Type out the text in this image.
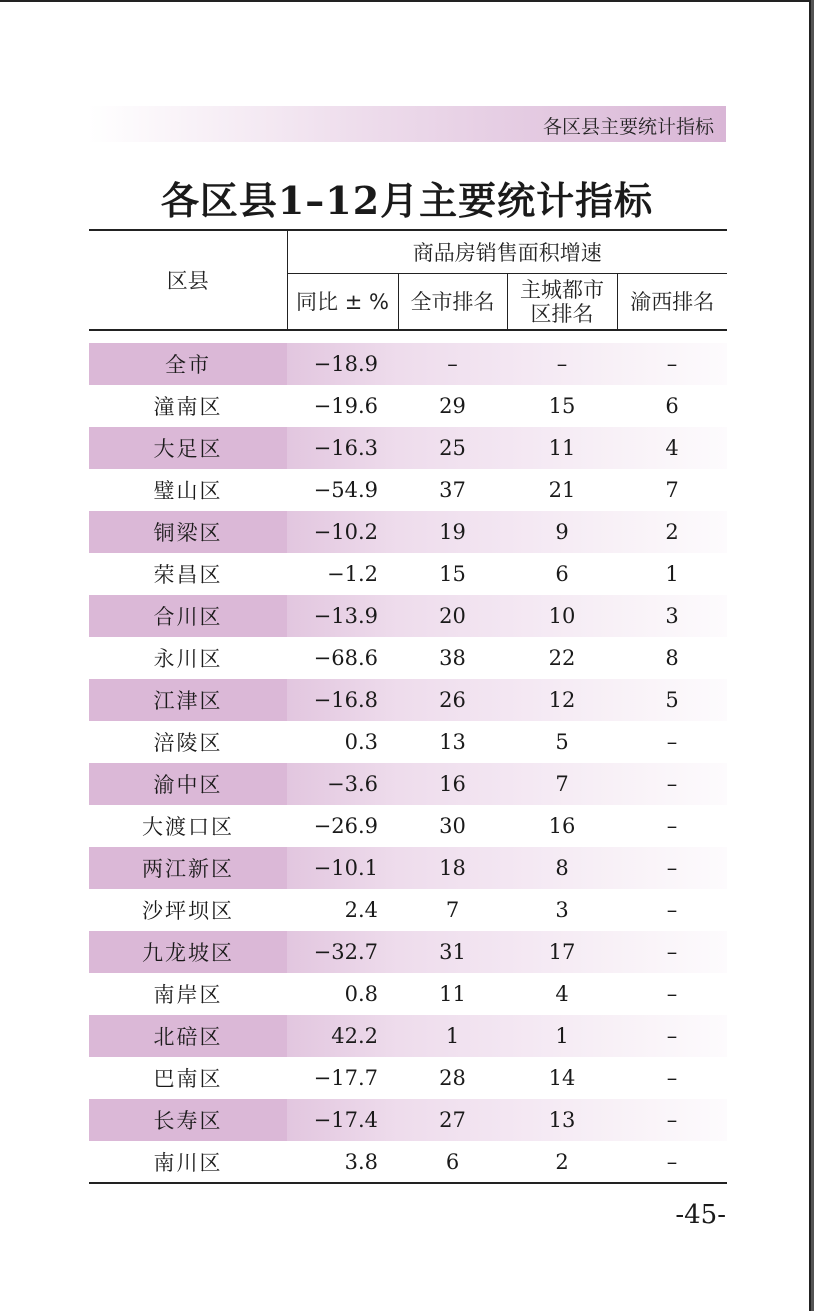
各区县主要统计指标
各区县1–12月主要统计指标
区县	商品房销售面积增速			
	同比 ± %	全市排名	主城都市
区排名	渝西排名

全市	−18.9	–	–	–
潼南区	−19.6	29	15	6
大足区	−16.3	25	11	4
璧山区	−54.9	37	21	7
铜梁区	−10.2	19	9	2
荣昌区	−1.2	15	6	1
合川区	−13.9	20	10	3
永川区	−68.6	38	22	8
江津区	−16.8	26	12	5
涪陵区	0.3	13	5	–
渝中区	−3.6	16	7	–
大渡口区	−26.9	30	16	–
两江新区	−10.1	18	8	–
沙坪坝区	2.4	7	3	–
九龙坡区	−32.7	31	17	–
南岸区	0.8	11	4	–
北碚区	42.2	1	1	–
巴南区	−17.7	28	14	–
长寿区	−17.4	27	13	–
南川区	3.8	6	2	–
-45-
